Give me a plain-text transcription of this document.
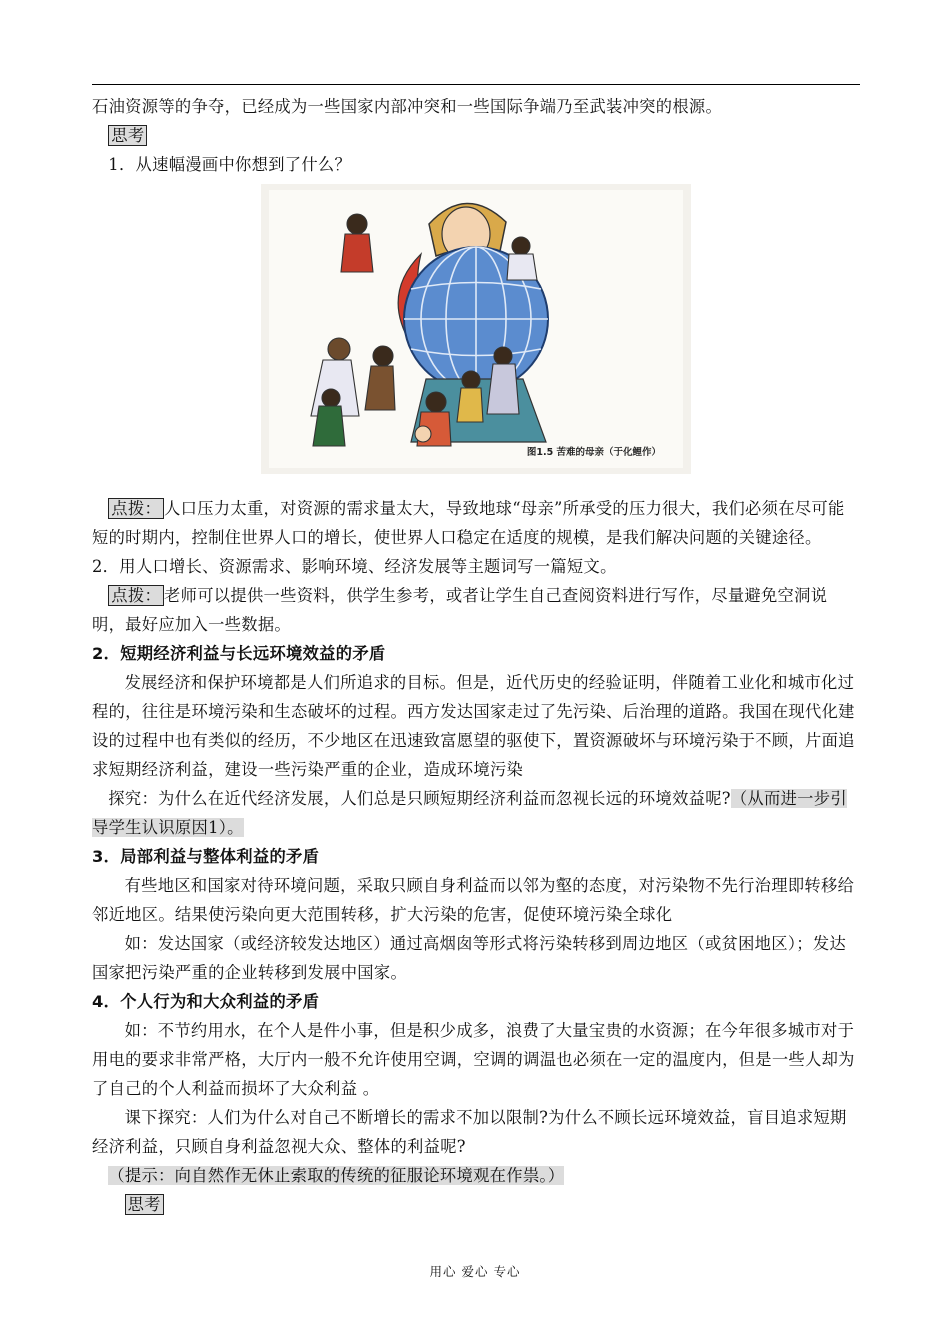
石油资源等的争夺，已经成为一些国家内部冲突和一些国际争端乃至武装冲突的根源。

思考

1．从速幅漫画中你想到了什么？

图1.5 苦难的母亲（于化鲤作）

点拨： 人口压力太重，对资源的需求量太大，导致地球“母亲”所承受的压力很大，我们必须在尽可能短的时期内，控制住世界人口的增长，使世界人口稳定在适度的规模，是我们解决问题的关键途径。

2．用人口增长、资源需求、影响环境、经济发展等主题词写一篇短文。

点拨： 老师可以提供一些资料，供学生参考，或者让学生自己查阅资料进行写作，尽量避免空洞说明，最好应加入一些数据。

2．短期经济利益与长远环境效益的矛盾

发展经济和保护环境都是人们所追求的目标。但是，近代历史的经验证明，伴随着工业化和城市化过程的，往往是环境污染和生态破坏的过程。西方发达国家走过了先污染、后治理的道路。我国在现代化建设的过程中也有类似的经历，不少地区在迅速致富愿望的驱使下，置资源破坏与环境污染于不顾，片面追求短期经济利益，建设一些污染严重的企业，造成环境污染

探究：为什么在近代经济发展，人们总是只顾短期经济利益而忽视长远的环境效益呢?（从而进一步引导学生认识原因1）。

3．局部利益与整体利益的矛盾

有些地区和国家对待环境问题，采取只顾自身利益而以邻为壑的态度，对污染物不先行治理即转移给邻近地区。结果使污染向更大范围转移，扩大污染的危害，促使环境污染全球化

如：发达国家（或经济较发达地区）通过高烟囱等形式将污染转移到周边地区（或贫困地区）；发达国家把污染严重的企业转移到发展中国家。

4．个人行为和大众利益的矛盾

如：不节约用水，在个人是件小事，但是积少成多，浪费了大量宝贵的水资源；在今年很多城市对于用电的要求非常严格，大厅内一般不允许使用空调，空调的调温也必须在一定的温度内，但是一些人却为了自己的个人利益而损坏了大众利益 。

课下探究：人们为什么对自己不断增长的需求不加以限制?为什么不顾长远环境效益，盲目追求短期经济利益，只顾自身利益忽视大众、整体的利益呢?

（提示：向自然作无休止索取的传统的征服论环境观在作祟。）

思考

用心 爱心 专心
